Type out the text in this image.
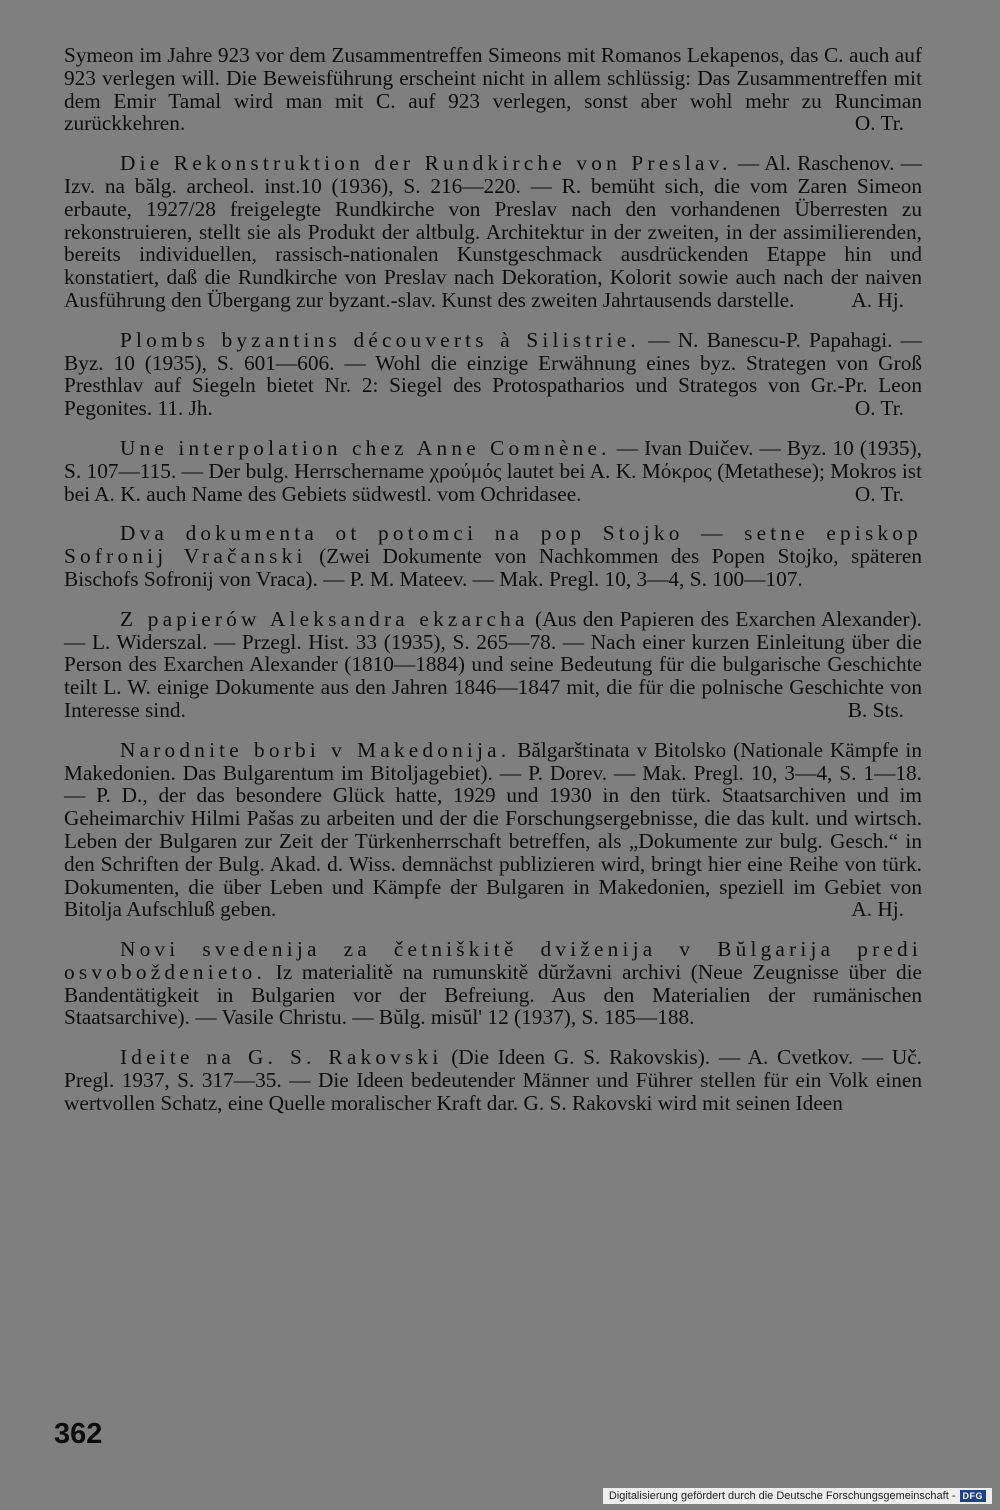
Symeon im Jahre 923 vor dem Zusammentreffen Simeons mit Romanos Lekapenos, das C. auch auf 923 verlegen will. Die Beweisführung erscheint nicht in allem schlüssig: Das Zusammentreffen mit dem Emir Tamal wird man mit C. auf 923 verlegen, sonst aber wohl mehr zu Runciman zurückkehren.	O. Tr.

Die Rekonstruktion der Rundkirche von Preslav. — Al. Raschenov. — Izv. na bălg. archeol. inst.10 (1936), S. 216—220. — R. bemüht sich, die vom Zaren Simeon erbaute, 1927/28 freigelegte Rundkirche von Preslav nach den vorhandenen Überresten zu rekonstruieren, stellt sie als Produkt der altbulg. Architektur in der zweiten, in der assimilierenden, bereits individuellen, rassisch-nationalen Kunstgeschmack ausdrückenden Etappe hin und konstatiert, daß die Rundkirche von Preslav nach Dekoration, Kolorit sowie auch nach der naiven Ausführung den Übergang zur byzant.-slav. Kunst des zweiten Jahrtausends darstelle.	A. Hj.

Plombs byzantins découverts à Silistrie. — N. Banescu-P. Papahagi. — Byz. 10 (1935), S. 601—606. — Wohl die einzige Erwähnung eines byz. Strategen von Groß Presthlav auf Siegeln bietet Nr. 2: Siegel des Protospatharios und Strategos von Gr.-Pr. Leon Pegonites. 11. Jh.	O. Tr.

Une interpolation chez Anne Comnène. — Ivan Duičev. — Byz. 10 (1935), S. 107—115. — Der bulg. Herrschername χρούμός lautet bei A. K. Μόκρος (Metathese); Mokros ist bei A. K. auch Name des Gebiets südwestl. vom Ochridasee.	O. Tr.

Dva dokumenta ot potomci na pop Stojko — setne episkop Sofronij Vračanski (Zwei Dokumente von Nachkommen des Popen Stojko, späteren Bischofs Sofronij von Vraca). — P. M. Mateev. — Mak. Pregl. 10, 3—4, S. 100—107.

Z papierów Aleksandra ekzarcha (Aus den Papieren des Exarchen Alexander). — L. Widerszal. — Przegl. Hist. 33 (1935), S. 265—78. — Nach einer kurzen Einleitung über die Person des Exarchen Alexander (1810—1884) und seine Bedeutung für die bulgarische Geschichte teilt L. W. einige Dokumente aus den Jahren 1846—1847 mit, die für die polnische Geschichte von Interesse sind.	B. Sts.

Narodnite borbi v Makedonija. Bălgarštinata v Bitolsko (Nationale Kämpfe in Makedonien. Das Bulgarentum im Bitoljagebiet). — P. Dorev. — Mak. Pregl. 10, 3—4, S. 1—18. — P. D., der das besondere Glück hatte, 1929 und 1930 in den türk. Staatsarchiven und im Geheimarchiv Hilmi Pašas zu arbeiten und der die Forschungsergebnisse, die das kult. und wirtsch. Leben der Bulgaren zur Zeit der Türkenherrschaft betreffen, als „Dokumente zur bulg. Gesch.“ in den Schriften der Bulg. Akad. d. Wiss. demnächst publizieren wird, bringt hier eine Reihe von türk. Dokumenten, die über Leben und Kämpfe der Bulgaren in Makedonien, speziell im Gebiet von Bitolja Aufschluß geben.	A. Hj.

Novi svedenija za četniškitě dviženija v Bŭlgarija predi osvoboždenieto. Iz materialitě na rumunskitě dŭržavni archivi (Neue Zeugnisse über die Bandentätigkeit in Bulgarien vor der Befreiung. Aus den Materialien der rumänischen Staatsarchive). — Vasile Christu. — Bŭlg. misŭl' 12 (1937), S. 185—188.

Ideite na G. S. Rakovski (Die Ideen G. S. Rakovskis). — A. Cvetkov. — Uč. Pregl. 1937, S. 317—35. — Die Ideen bedeutender Männer und Führer stellen für ein Volk einen wertvollen Schatz, eine Quelle moralischer Kraft dar. G. S. Rakovski wird mit seinen Ideen

362
Digitalisierung gefördert durch die Deutsche Forschungsgemeinschaft - DFG
